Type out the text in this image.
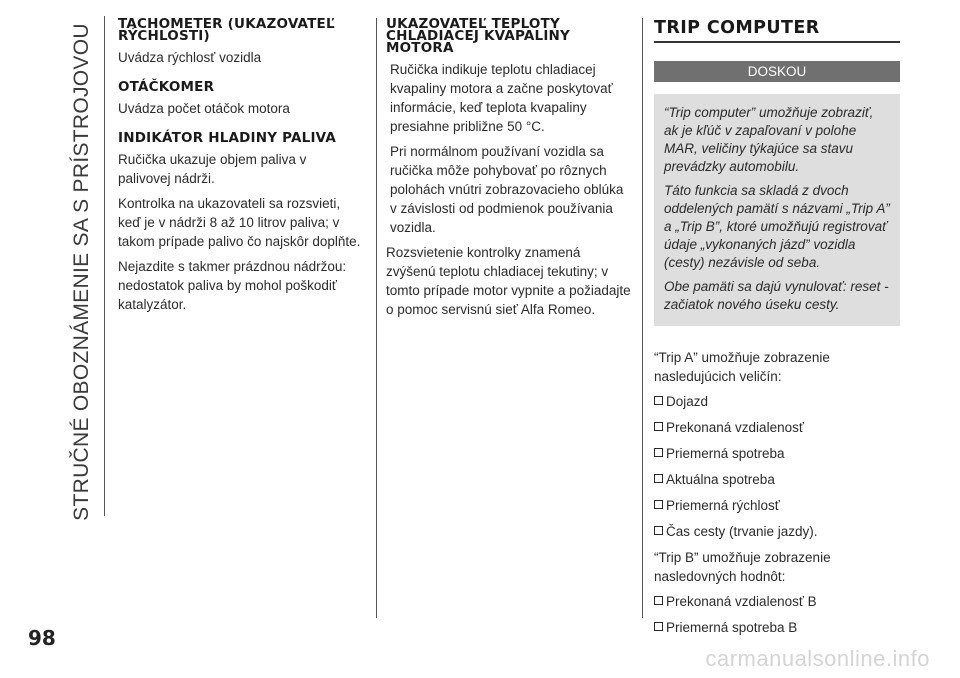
STRUČNÉ OBOZNÁMENIE SA S PRÍSTROJOVOU
98
TACHOMETER (UKAZOVATEĽ RÝCHLOSTI)

Uvádza rýchlosť vozidla

OTÁČKOMER

Uvádza počet otáčok motora

INDIKÁTOR HLADINY PALIVA

Ručička ukazuje objem paliva v palivovej nádrži.

Kontrolka na ukazovateli sa rozsvieti, keď je v nádrži 8 až 10 litrov paliva; v takom prípade palivo čo najskôr doplňte.

Nejazdite s takmer prázdnou nádržou: nedostatok paliva by mohol poškodiť katalyzátor.

UKAZOVATEĽ TEPLOTY CHLADIACEJ KVAPALINY MOTORA

Ručička indikuje teplotu chladiacej kvapaliny motora a začne poskytovať informácie, keď teplota kvapaliny presiahne približne 50 °C.

Pri normálnom používaní vozidla sa ručička môže pohybovať po rôznych polohách vnútri zobrazovacieho oblúka v závislosti od podmienok používania vozidla.

Rozsvietenie kontrolky znamená zvýšenú teplotu chladiacej tekutiny; v tomto prípade motor vypnite a požiadajte o pomoc servisnú sieť Alfa Romeo.

TRIP COMPUTER
DOSKOU

“Trip computer” umožňuje zobraziť, ak je kľúč v zapaľovaní v polohe MAR, veličiny týkajúce sa stavu prevádzky automobilu.

Táto funkcia sa skladá z dvoch oddelených pamätí s názvami „Trip A” a „Trip B”, ktoré umožňujú registrovať údaje „vykonaných jázd” vozidla (cesty) nezávisle od seba.

Obe pamäti sa dajú vynulovať: reset - začiatok nového úseku cesty.

“Trip A” umožňuje zobrazenie nasledujúcich veličín:

Dojazd

Prekonaná vzdialenosť

Priemerná spotreba

Aktuálna spotreba

Priemerná rýchlosť

Čas cesty (trvanie jazdy).

“Trip B” umožňuje zobrazenie nasledovných hodnôt:

Prekonaná vzdialenosť B

Priemerná spotreba B

carmanualsonline.info
